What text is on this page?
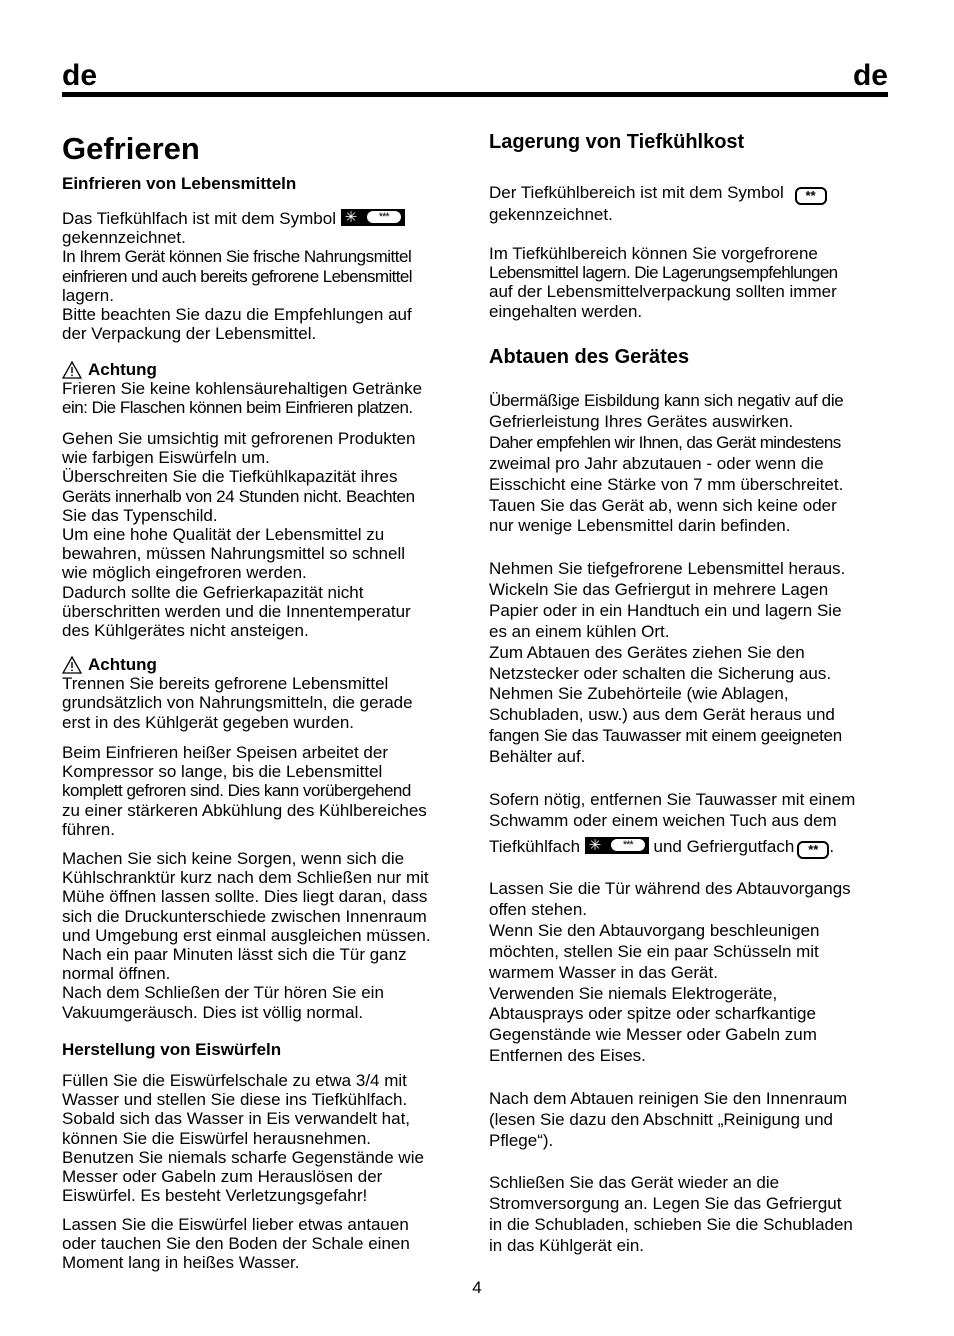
de	de
Gefrieren
Einfrieren von Lebensmitteln

Das Tiefkühlfach ist mit dem Symbol ✳	***

gekennzeichnet.

In Ihrem Gerät können Sie frische Nahrungsmittel

einfrieren und auch bereits gefrorene Lebensmittel

lagern.

Bitte beachten Sie dazu die Empfehlungen auf

der Verpackung der Lebensmittel.

Achtung

Frieren Sie keine kohlensäurehaltigen Getränke

ein: Die Flaschen können beim Einfrieren platzen.

Gehen Sie umsichtig mit gefrorenen Produkten

wie farbigen Eiswürfeln um.

Überschreiten Sie die Tiefkühlkapazität ihres

Geräts innerhalb von 24 Stunden nicht. Beachten

Sie das Typenschild.

Um eine hohe Qualität der Lebensmittel zu

bewahren, müssen Nahrungsmittel so schnell

wie möglich eingefroren werden.

Dadurch sollte die Gefrierkapazität nicht

überschritten werden und die Innentemperatur

des Kühlgerätes nicht ansteigen.

Achtung

Trennen Sie bereits gefrorene Lebensmittel

grundsätzlich von Nahrungsmitteln, die gerade

erst in des Kühlgerät gegeben wurden.

Beim Einfrieren heißer Speisen arbeitet der

Kompressor so lange, bis die Lebensmittel

komplett gefroren sind. Dies kann vorübergehend

zu einer stärkeren Abkühlung des Kühlbereiches

führen.

Machen Sie sich keine Sorgen, wenn sich die

Kühlschranktür kurz nach dem Schließen nur mit

Mühe öffnen lassen sollte. Dies liegt daran, dass

sich die Druckunterschiede zwischen Innenraum

und Umgebung erst einmal ausgleichen müssen.

Nach ein paar Minuten lässt sich die Tür ganz

normal öffnen.

Nach dem Schließen der Tür hören Sie ein

Vakuumgeräusch. Dies ist völlig normal.

Herstellung von Eiswürfeln

Füllen Sie die Eiswürfelschale zu etwa 3/4 mit

Wasser und stellen Sie diese ins Tiefkühlfach.

Sobald sich das Wasser in Eis verwandelt hat,

können Sie die Eiswürfel herausnehmen.

Benutzen Sie niemals scharfe Gegenstände wie

Messer oder Gabeln zum Herauslösen der

Eiswürfel. Es besteht Verletzungsgefahr!

Lassen Sie die Eiswürfel lieber etwas antauen

oder tauchen Sie den Boden der Schale einen

Moment lang in heißes Wasser.

Lagerung von Tiefkühlkost

Der Tiefkühlbereich ist mit dem Symbol **

gekennzeichnet.

Im Tiefkühlbereich können Sie vorgefrorene

Lebensmittel lagern. Die Lagerungsempfehlungen

auf der Lebensmittelverpackung sollten immer

eingehalten werden.

Abtauen des Gerätes

Übermäßige Eisbildung kann sich negativ auf die

Gefrierleistung Ihres Gerätes auswirken.

Daher empfehlen wir Ihnen, das Gerät mindestens

zweimal pro Jahr abzutauen - oder wenn die

Eisschicht eine Stärke von 7 mm überschreitet.

Tauen Sie das Gerät ab, wenn sich keine oder

nur wenige Lebensmittel darin befinden.

Nehmen Sie tiefgefrorene Lebensmittel heraus.

Wickeln Sie das Gefriergut in mehrere Lagen

Papier oder in ein Handtuch ein und lagern Sie

es an einem kühlen Ort.

Zum Abtauen des Gerätes ziehen Sie den

Netzstecker oder schalten die Sicherung aus.

Nehmen Sie Zubehörteile (wie Ablagen,

Schubladen, usw.) aus dem Gerät heraus und

fangen Sie das Tauwasser mit einem geeigneten

Behälter auf.

Sofern nötig, entfernen Sie Tauwasser mit einem

Schwamm oder einem weichen Tuch aus dem

Tiefkühlfach ✳	***	und Gefriergutfach ** .

Lassen Sie die Tür während des Abtauvorgangs

offen stehen.

Wenn Sie den Abtauvorgang beschleunigen

möchten, stellen Sie ein paar Schüsseln mit

warmem Wasser in das Gerät.

Verwenden Sie niemals Elektrogeräte,

Abtausprays oder spitze oder scharfkantige

Gegenstände wie Messer oder Gabeln zum

Entfernen des Eises.

Nach dem Abtauen reinigen Sie den Innenraum

(lesen Sie dazu den Abschnitt „Reinigung und

Pflege“).

Schließen Sie das Gerät wieder an die

Stromversorgung an. Legen Sie das Gefriergut

in die Schubladen, schieben Sie die Schubladen

in das Kühlgerät ein.

4
